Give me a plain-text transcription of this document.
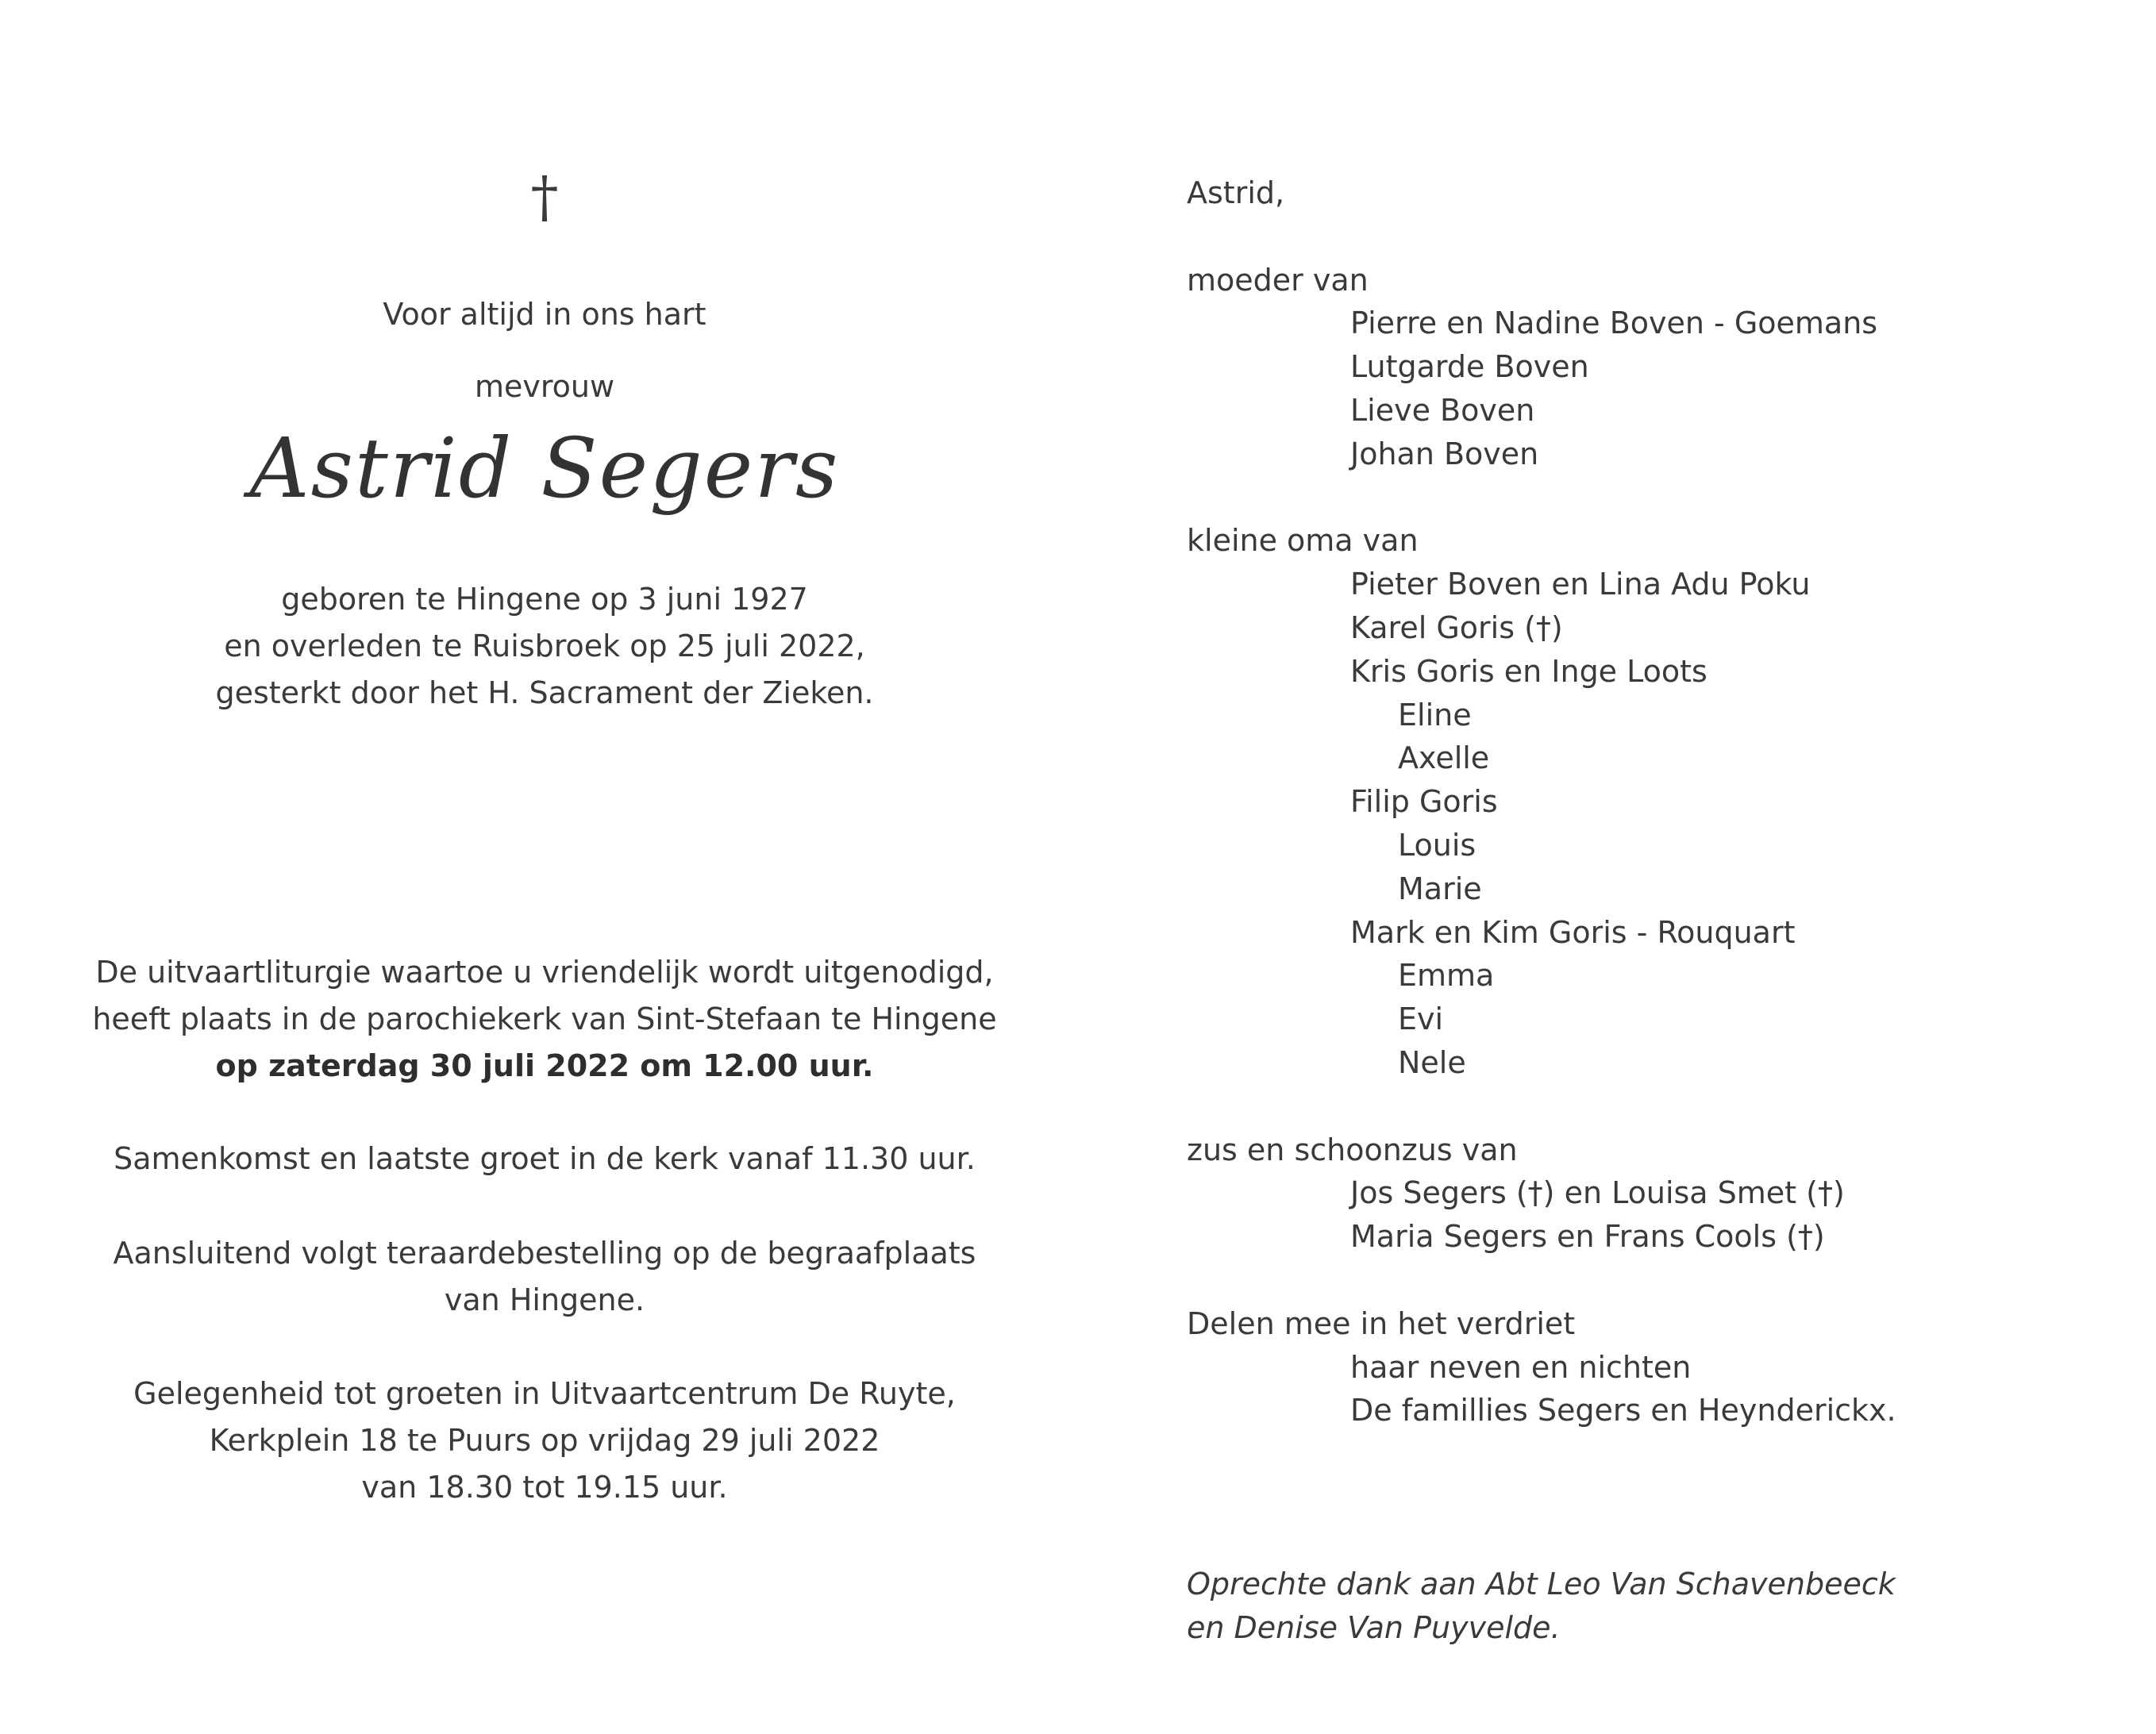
†
Voor altijd in ons hart
mevrouw
Astrid Segers
geboren te Hingene op 3 juni 1927
en overleden te Ruisbroek op 25 juli 2022,
gesterkt door het H. Sacrament der Zieken.
De uitvaartliturgie waartoe u vriendelijk wordt uitgenodigd,
heeft plaats in de parochiekerk van Sint-Stefaan te Hingene
op zaterdag 30 juli 2022 om 12.00 uur.
Samenkomst en laatste groet in de kerk vanaf 11.30 uur.
Aansluitend volgt teraardebestelling op de begraafplaats
van Hingene.
Gelegenheid tot groeten in Uitvaartcentrum De Ruyte,
Kerkplein 18 te Puurs op vrijdag 29 juli 2022
van 18.30 tot 19.15 uur.
Astrid,
moeder van
Pierre en Nadine Boven - Goemans
Lutgarde Boven
Lieve Boven
Johan Boven
kleine oma van
Pieter Boven en Lina Adu Poku
Karel Goris (†)
Kris Goris en Inge Loots
Eline
Axelle
Filip Goris
Louis
Marie
Mark en Kim Goris - Rouquart
Emma
Evi
Nele
zus en schoonzus van
Jos Segers (†) en Louisa Smet (†)
Maria Segers en Frans Cools (†)
Delen mee in het verdriet
haar neven en nichten
De famillies Segers en Heynderickx.
Oprechte dank aan Abt Leo Van Schavenbeeck
en Denise Van Puyvelde.
